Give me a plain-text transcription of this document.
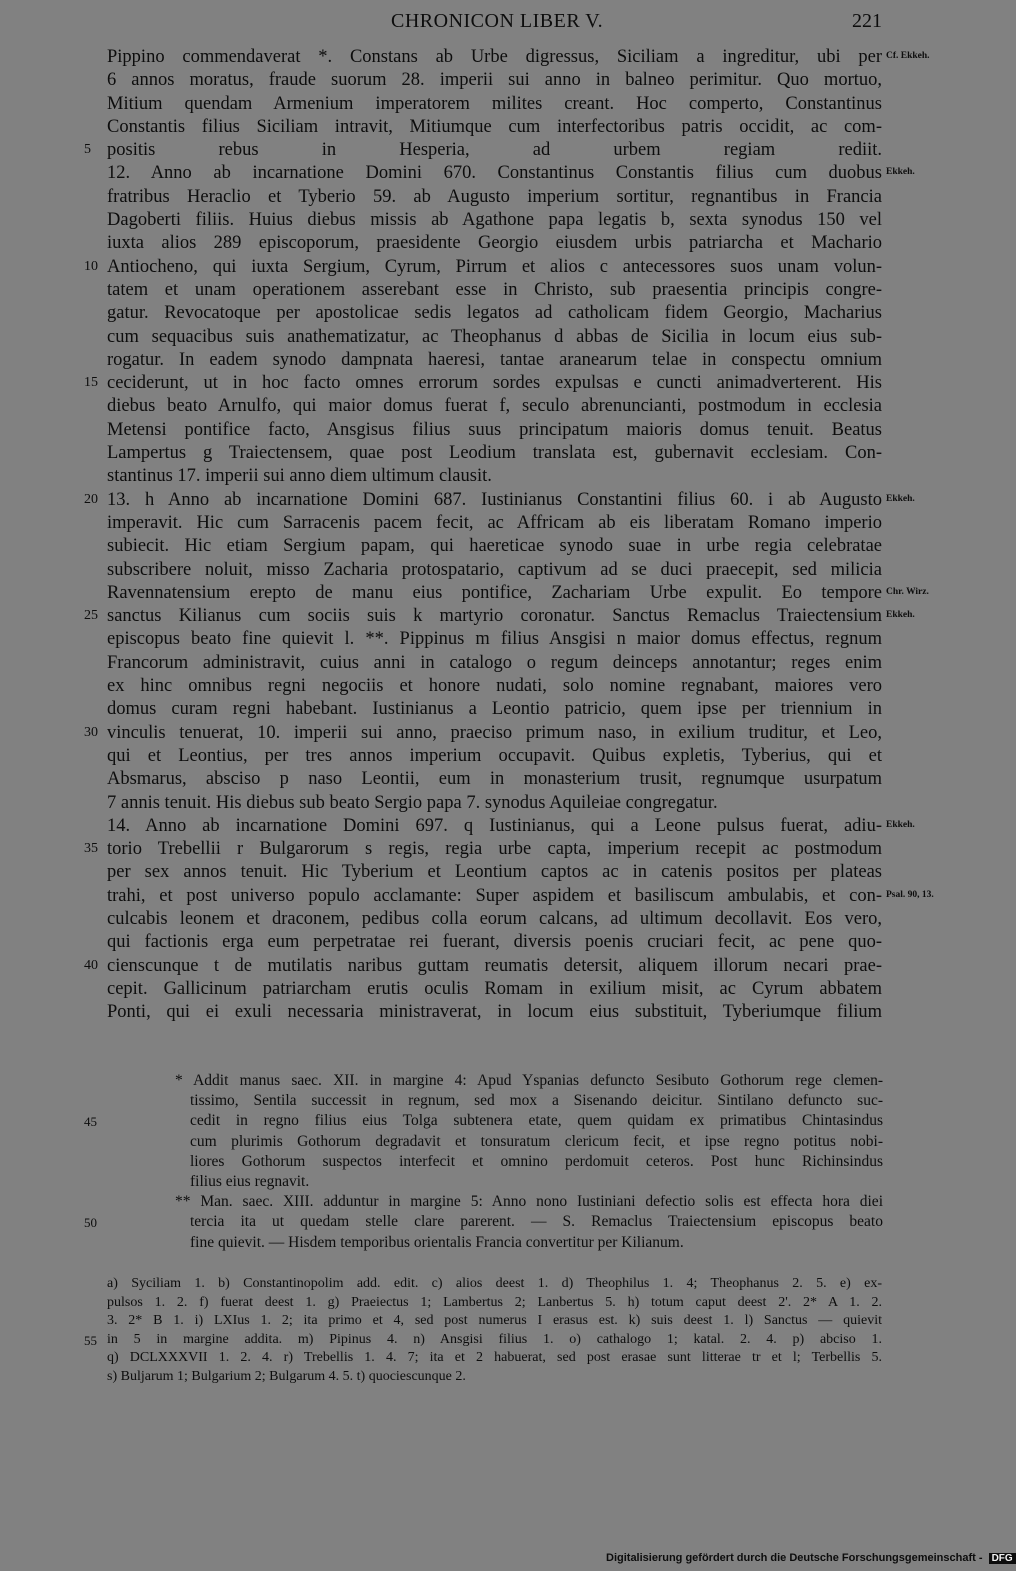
CHRONICON LIBER V.	221
Pippino commendaverat *. Constans ab Urbe digressus, Siciliam a ingreditur, ubi per Cf. Ekkeh.
6 annos moratus, fraude suorum 28. imperii sui anno in balneo perimitur. Quo mortuo,
Mitium quendam Armenium imperatorem milites creant. Hoc comperto, Constantinus
Constantis filius Siciliam intravit, Mitiumque cum interfectoribus patris occidit, ac com-
5 positis rebus in Hesperia, ad urbem regiam rediit.
12. Anno ab incarnatione Domini 670. Constantinus Constantis filius cum duobus Ekkeh.
fratribus Heraclio et Tyberio 59. ab Augusto imperium sortitur, regnantibus in Francia
Dagoberti filiis. Huius diebus missis ab Agathone papa legatis b, sexta synodus 150 vel
iuxta alios 289 episcoporum, praesidente Georgio eiusdem urbis patriarcha et Machario
10 Antiocheno, qui iuxta Sergium, Cyrum, Pirrum et alios c antecessores suos unam volun-
tatem et unam operationem asserebant esse in Christo, sub praesentia principis congre-
gatur. Revocatoque per apostolicae sedis legatos ad catholicam fidem Georgio, Macharius
cum sequacibus suis anathematizatur, ac Theophanus d abbas de Sicilia in locum eius sub-
rogatur. In eadem synodo dampnata haeresi, tantae aranearum telae in conspectu omnium
15 ceciderunt, ut in hoc facto omnes errorum sordes expulsas e cuncti animadverterent. His
diebus beato Arnulfo, qui maior domus fuerat f, seculo abrenuncianti, postmodum in ecclesia
Metensi pontifice facto, Ansgisus filius suus principatum maioris domus tenuit. Beatus
Lampertus g Traiectensem, quae post Leodium translata est, gubernavit ecclesiam. Con-
stantinus 17. imperii sui anno diem ultimum clausit.
20 13. h Anno ab incarnatione Domini 687. Iustinianus Constantini filius 60. i ab Augusto Ekkeh.
imperavit. Hic cum Sarracenis pacem fecit, ac Affricam ab eis liberatam Romano imperio
subiecit. Hic etiam Sergium papam, qui haereticae synodo suae in urbe regia celebratae
subscribere noluit, misso Zacharia protospatario, captivum ad se duci praecepit, sed milicia
Ravennatensium erepto de manu eius pontifice, Zachariam Urbe expulit. Eo tempore Chr. Wirz.
25 sanctus Kilianus cum sociis suis k martyrio coronatur. Sanctus Remaclus Traiectensium Ekkeh.
episcopus beato fine quievit l. **. Pippinus m filius Ansgisi n maior domus effectus, regnum
Francorum administravit, cuius anni in catalogo o regum deinceps annotantur; reges enim
ex hinc omnibus regni negociis et honore nudati, solo nomine regnabant, maiores vero
domus curam regni habebant. Iustinianus a Leontio patricio, quem ipse per triennium in
30 vinculis tenuerat, 10. imperii sui anno, praeciso primum naso, in exilium truditur, et Leo,
qui et Leontius, per tres annos imperium occupavit. Quibus expletis, Tyberius, qui et
Absmarus, absciso p naso Leontii, eum in monasterium trusit, regnumque usurpatum
7 annis tenuit. His diebus sub beato Sergio papa 7. synodus Aquileiae congregatur.
14. Anno ab incarnatione Domini 697. q Iustinianus, qui a Leone pulsus fuerat, adiu- Ekkeh.
35 torio Trebellii r Bulgarorum s regis, regia urbe capta, imperium recepit ac postmodum
per sex annos tenuit. Hic Tyberium et Leontium captos ac in catenis positos per plateas
trahi, et post universo populo acclamante: Super aspidem et basiliscum ambulabis, et con- Psal. 90, 13.
culcabis leonem et draconem, pedibus colla eorum calcans, ad ultimum decollavit. Eos vero,
qui factionis erga eum perpetratae rei fuerant, diversis poenis cruciari fecit, ac pene quo-
40 cienscunque t de mutilatis naribus guttam reumatis detersit, aliquem illorum necari prae-
cepit. Gallicinum patriarcham erutis oculis Romam in exilium misit, ac Cyrum abbatem
Ponti, qui ei exuli necessaria ministraverat, in locum eius substituit, Tyberiumque filium
* Addit manus saec. XII. in margine 4: Apud Yspanias defuncto Sesibuto Gothorum rege clemen-
tissimo, Sentila successit in regnum, sed mox a Sisenando deicitur. Sintilano defuncto suc-
45	cedit in regno filius eius Tolga subtenera etate, quem quidam ex primatibus Chintasindus
cum plurimis Gothorum degradavit et tonsuratum clericum fecit, et ipse regno potitus nobi-
liores Gothorum suspectos interfecit et omnino perdomuit ceteros. Post hunc Richinsindus
filius eius regnavit.
** Man. saec. XIII. adduntur in margine 5: Anno nono Iustiniani defectio solis est effecta hora diei
50	tercia ita ut quedam stelle clare parerent. — S. Remaclus Traiectensium episcopus beato
fine quievit. — Hisdem temporibus orientalis Francia convertitur per Kilianum.
a) Syciliam 1. b) Constantinopolim add. edit. c) alios deest 1. d) Theophilus 1. 4; Theophanus 2. 5. e) ex-
pulsos 1. 2. f) fuerat deest 1. g) Praeiectus 1; Lambertus 2; Lanbertus 5. h) totum caput deest 2'. 2* A 1. 2.
3. 2* B 1. i) LXIus 1. 2; ita primo et 4, sed post numerus I erasus est. k) suis deest 1. l) Sanctus — quievit
55 in 5 in margine addita. m) Pipinus 4. n) Ansgisi filius 1. o) cathalogo 1; katal. 2. 4. p) abciso 1.
q) DCLXXXVII 1. 2. 4. r) Trebellis 1. 4. 7; ita et 2 habuerat, sed post erasae sunt litterae tr et l; Terbellis 5.
s) Buljarum 1; Bulgarium 2; Bulgarum 4. 5. t) quociescunque 2.
Digitalisierung gefördert durch die Deutsche Forschungsgemeinschaft - DFG
